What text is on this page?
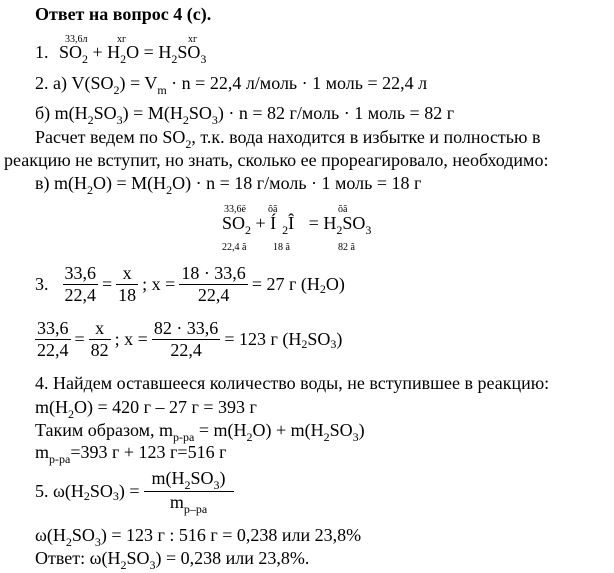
Ответ на вопрос 4 (с).
33,6л	хг	хг
1. $SO_2 + H_2O = H_2SO_3$
2. а) $V(SO_2) = V_m \cdot n = 22,4$ л/моль · 1 моль = 22,4 л
б) $m(H_2SO_3) = M(H_2SO_3) \cdot n = 82$ г/моль · 1 моль = 82 г
Расчет ведем по $SO_2$, т.к. вода находится в избытке и полностью в
реакцию не вступит, но знать, сколько ее прореагировало, необходимо:
в) $m(H_2O) = M(H_2O) \cdot n = 18$ г/моль · 1 моль = 18 г
33,6ё õã	õã
$SO_2$ + Í $_2$Î = $H_2SO_3$
22,4 ã	18 ã	82 ã
3. $\frac{33,6}{22,4} = \frac{х}{18}$ ; $х = \frac{18 \cdot 33,6}{22,4} = 27$ г (H 2 O)
$\frac{33,6}{22,4} = \frac{х}{82}$ ; $х = \frac{82 \cdot 33,6}{22,4} = 123$ г (H 2 SO 3 )
4. Найдем оставшееся количество воды, не вступившее в реакцию:
$m(H_2O) = 420$ г – 27 г = 393 г
Таким образом, $m_{р-ра} = m(H_2O) + m(H_2SO_3)$
$m_{р-ра}=393$ г + 123 г=516 г
5. ω(H 2 SO 3 ) = $\frac{m(H_2SO_3)}{m_{р-ра}}$
$\omega(H_2SO_3) = 123$ г : 516 г = 0,238 или 23,8%
Ответ: $\omega(H_2SO_3) = 0,238$ или 23,8%.
